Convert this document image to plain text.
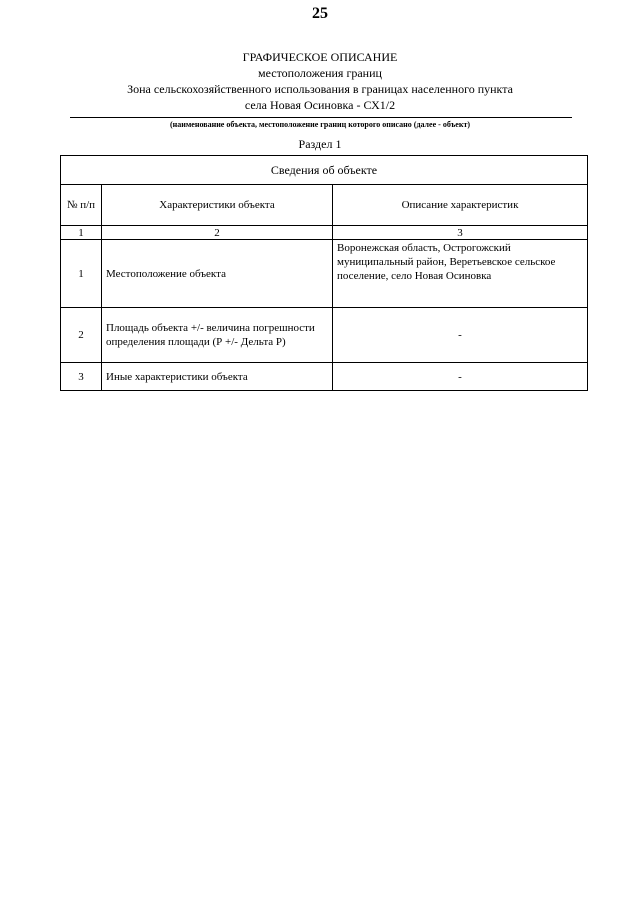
25
ГРАФИЧЕСКОЕ ОПИСАНИЕ
местоположения границ
Зона сельскохозяйственного использования в границах населенного пункта
села Новая Осиновка - СХ1/2
(наименование объекта, местоположение границ которого описано (далее - объект)
Раздел 1
Сведения об объекте		
№ п/п	Характеристики объекта	Описание характеристик
1	2	3
1	Местоположение объекта	Воронежская область, Острогожский муниципальный район, Веретьевское сельское поселение, село Новая Осиновка
2	Площадь объекта +/- величина погрешности определения площади (Р +/- Дельта Р)	-
3	Иные характеристики объекта	-
